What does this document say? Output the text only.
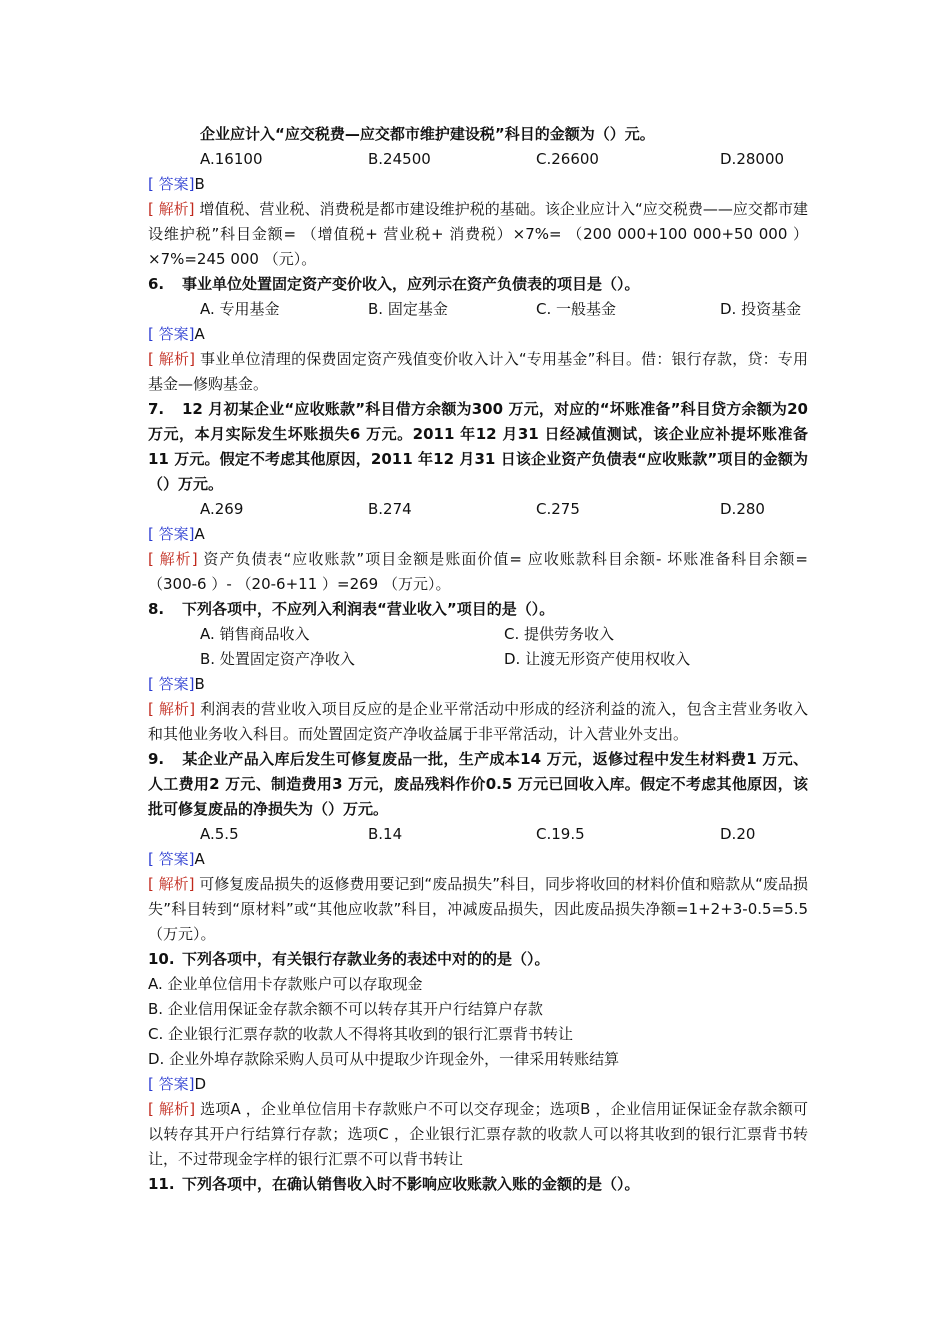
企业应计入“应交税费—应交都市维护建设税”科目的金额为（）元。
A.16100	B.24500	C.26600	D.28000
[ 答案]B
[ 解析] 增值税、营业税、消费税是都市建设维护税的基础。该企业应计入“应交税费——应交都市建设维护税”科目金额= （增值税+ 营业税+ 消费税）×7%= （200 000+100 000+50 000 ）×7%=245 000 （元）。
6.	事业单位处置固定资产变价收入，应列示在资产负债表的项目是（）。
A. 专用基金	B. 固定基金	C. 一般基金	D. 投资基金
[ 答案]A
[ 解析] 事业单位清理的保费固定资产残值变价收入计入“专用基金”科目。借：银行存款，贷：专用基金—修购基金。
7. 12 月初某企业“应收账款”科目借方余额为300 万元，对应的“坏账准备”科目贷方余额为20 万元，本月实际发生坏账损失6 万元。2011 年12 月31 日经减值测试，该企业应补提坏账准备11 万元。假定不考虑其他原因，2011 年12 月31 日该企业资产负债表“应收账款”项目的金额为（）万元。
A.269	B.274	C.275	D.280
[ 答案]A
[ 解析] 资产负债表“应收账款”项目金额是账面价值= 应收账款科目余额- 坏账准备科目余额= （300-6 ）- （20-6+11 ）=269 （万元）。
8.	下列各项中，不应列入利润表“营业收入”项目的是（）。
A. 销售商品收入	C. 提供劳务收入
B. 处置固定资产净收入	D. 让渡无形资产使用权收入
[ 答案]B
[ 解析] 利润表的营业收入项目反应的是企业平常活动中形成的经济利益的流入，包含主营业务收入和其他业务收入科目。而处置固定资产净收益属于非平常活动，计入营业外支出。
9. 某企业产品入库后发生可修复废品一批，生产成本14 万元，返修过程中发生材料费1 万元、人工费用2 万元、制造费用3 万元，废品残料作价0.5 万元已回收入库。假定不考虑其他原因，该批可修复废品的净损失为（）万元。
A.5.5	B.14	C.19.5	D.20
[ 答案]A
[ 解析] 可修复废品损失的返修费用要记到“废品损失”科目，同步将收回的材料价值和赔款从“废品损失”科目转到“原材料”或“其他应收款”科目，冲减废品损失，因此废品损失净额=1+2+3-0.5=5.5 （万元）。
10. 下列各项中，有关银行存款业务的表述中对的的是（）。
A. 企业单位信用卡存款账户可以存取现金
B. 企业信用保证金存款余额不可以转存其开户行结算户存款
C. 企业银行汇票存款的收款人不得将其收到的银行汇票背书转让
D. 企业外埠存款除采购人员可从中提取少许现金外，一律采用转账结算
[ 答案]D
[ 解析] 选项A ，企业单位信用卡存款账户不可以交存现金；选项B ，企业信用证保证金存款余额可以转存其开户行结算行存款；选项C ，企业银行汇票存款的收款人可以将其收到的银行汇票背书转让，不过带现金字样的银行汇票不可以背书转让
11. 下列各项中，在确认销售收入时不影响应收账款入账的金额的是（）。
